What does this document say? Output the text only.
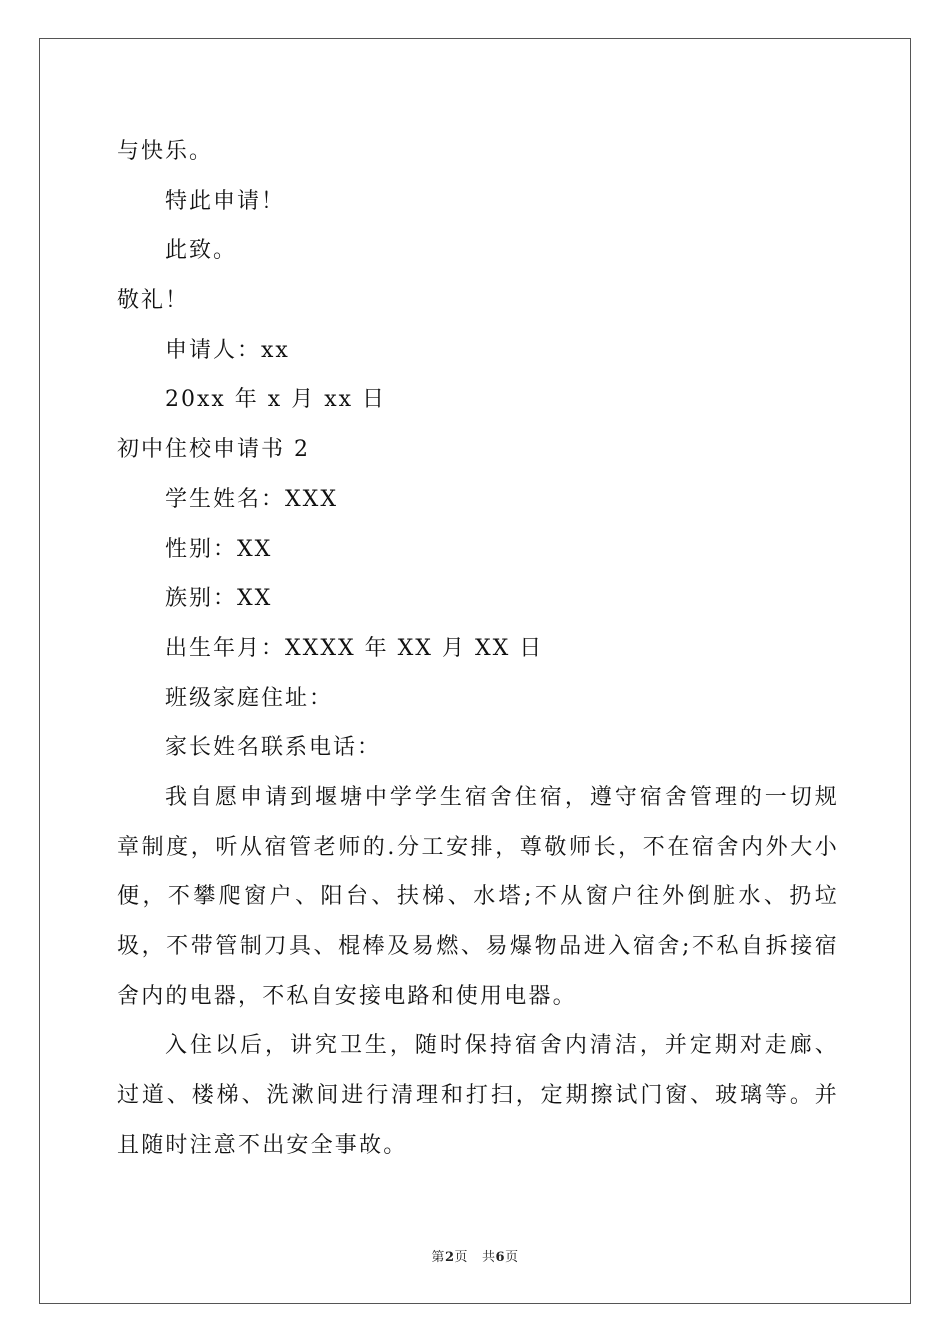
与快乐。
特此申请！
此致。
敬礼！
申请人：xx
20xx 年 x 月 xx 日
初中住校申请书 2
学生姓名：XXX
性别：XX
族别：XX
出生年月：XXXX 年 XX 月 XX 日
班级家庭住址：
家长姓名联系电话：

我自愿申请到堰塘中学学生宿舍住宿，遵守宿舍管理的一切规章制度，听从宿管老师的.分工安排，尊敬师长，不在宿舍内外大小便，不攀爬窗户、阳台、扶梯、水塔;不从窗户往外倒脏水、扔垃圾，不带管制刀具、棍棒及易燃、易爆物品进入宿舍;不私自拆接宿舍内的电器，不私自安接电路和使用电器。

入住以后，讲究卫生，随时保持宿舍内清洁，并定期对走廊、过道、楼梯、洗漱间进行清理和打扫，定期擦试门窗、玻璃等。并且随时注意不出安全事故。

第2页 共6页
